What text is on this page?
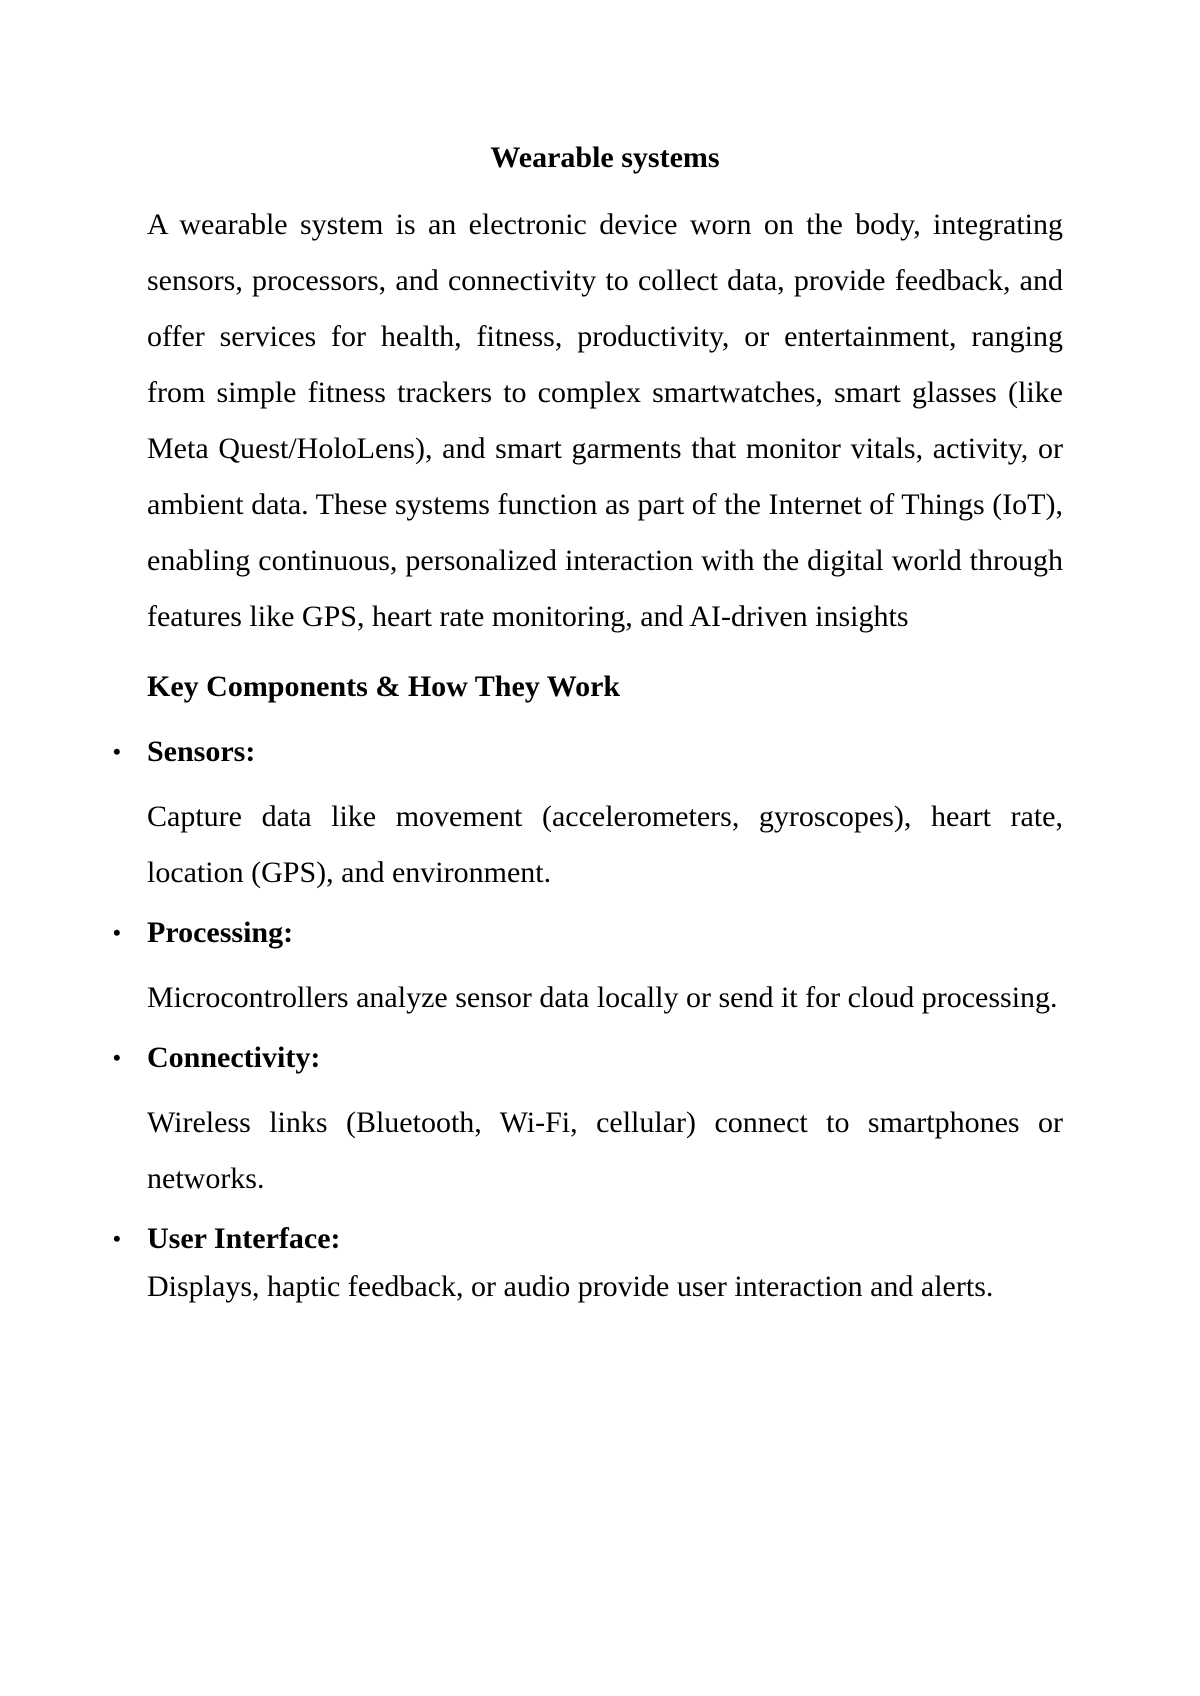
Wearable systems

A wearable system is an electronic device worn on the body, integrating sensors, processors, and connectivity to collect data, provide feedback, and offer services for health, fitness, productivity, or entertainment, ranging from simple fitness trackers to complex smartwatches, smart glasses (like Meta Quest/HoloLens), and smart garments that monitor vitals, activity, or ambient data. These systems function as part of the Internet of Things (IoT), enabling continuous, personalized interaction with the digital world through features like GPS, heart rate monitoring, and AI-driven insights

Key Components & How They Work
• Sensors:

Capture data like movement (accelerometers, gyroscopes), heart rate, location (GPS), and environment.

• Processing:

Microcontrollers analyze sensor data locally or send it for cloud processing.

• Connectivity:

Wireless links (Bluetooth, Wi-Fi, cellular) connect to smartphones or networks.

• User Interface:

Displays, haptic feedback, or audio provide user interaction and alerts.
